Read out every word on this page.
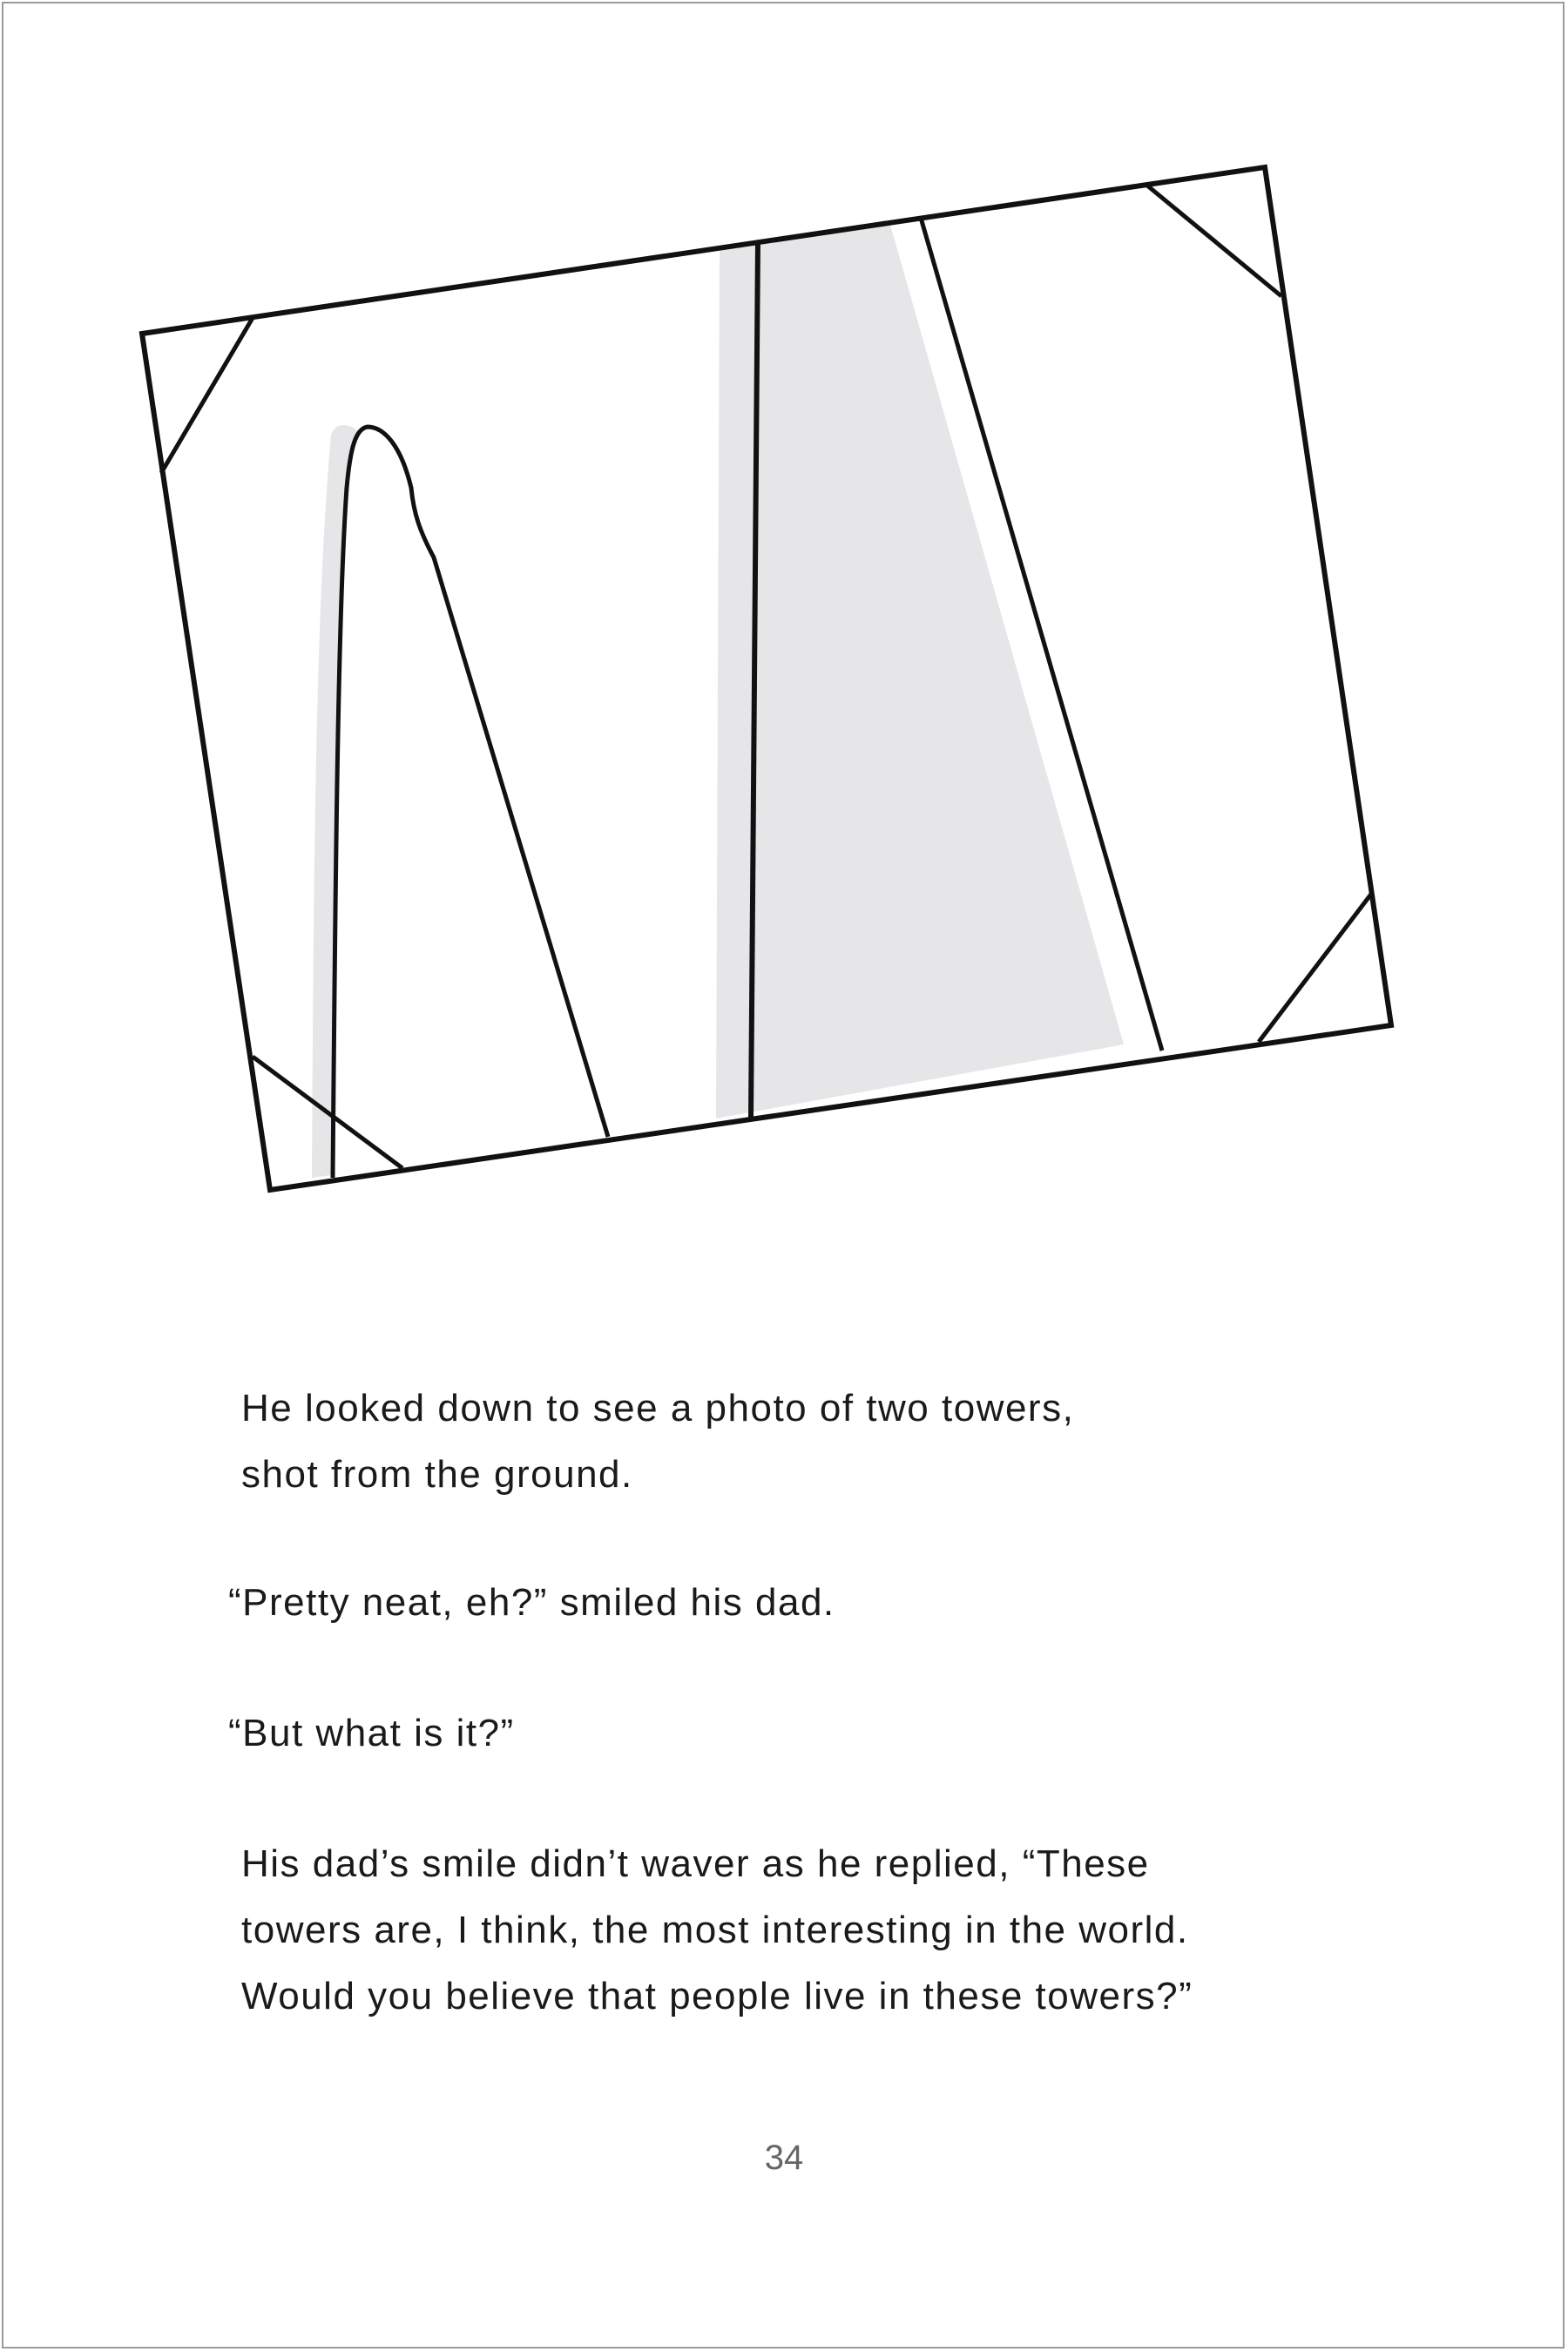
He looked down to see a photo of two towers,
shot from the ground.

“Pretty neat, eh?” smiled his dad.

“But what is it?”

His dad’s smile didn’t waver as he replied, “These
towers are, I think, the most interesting in the world.
Would you believe that people live in these towers?”

34
